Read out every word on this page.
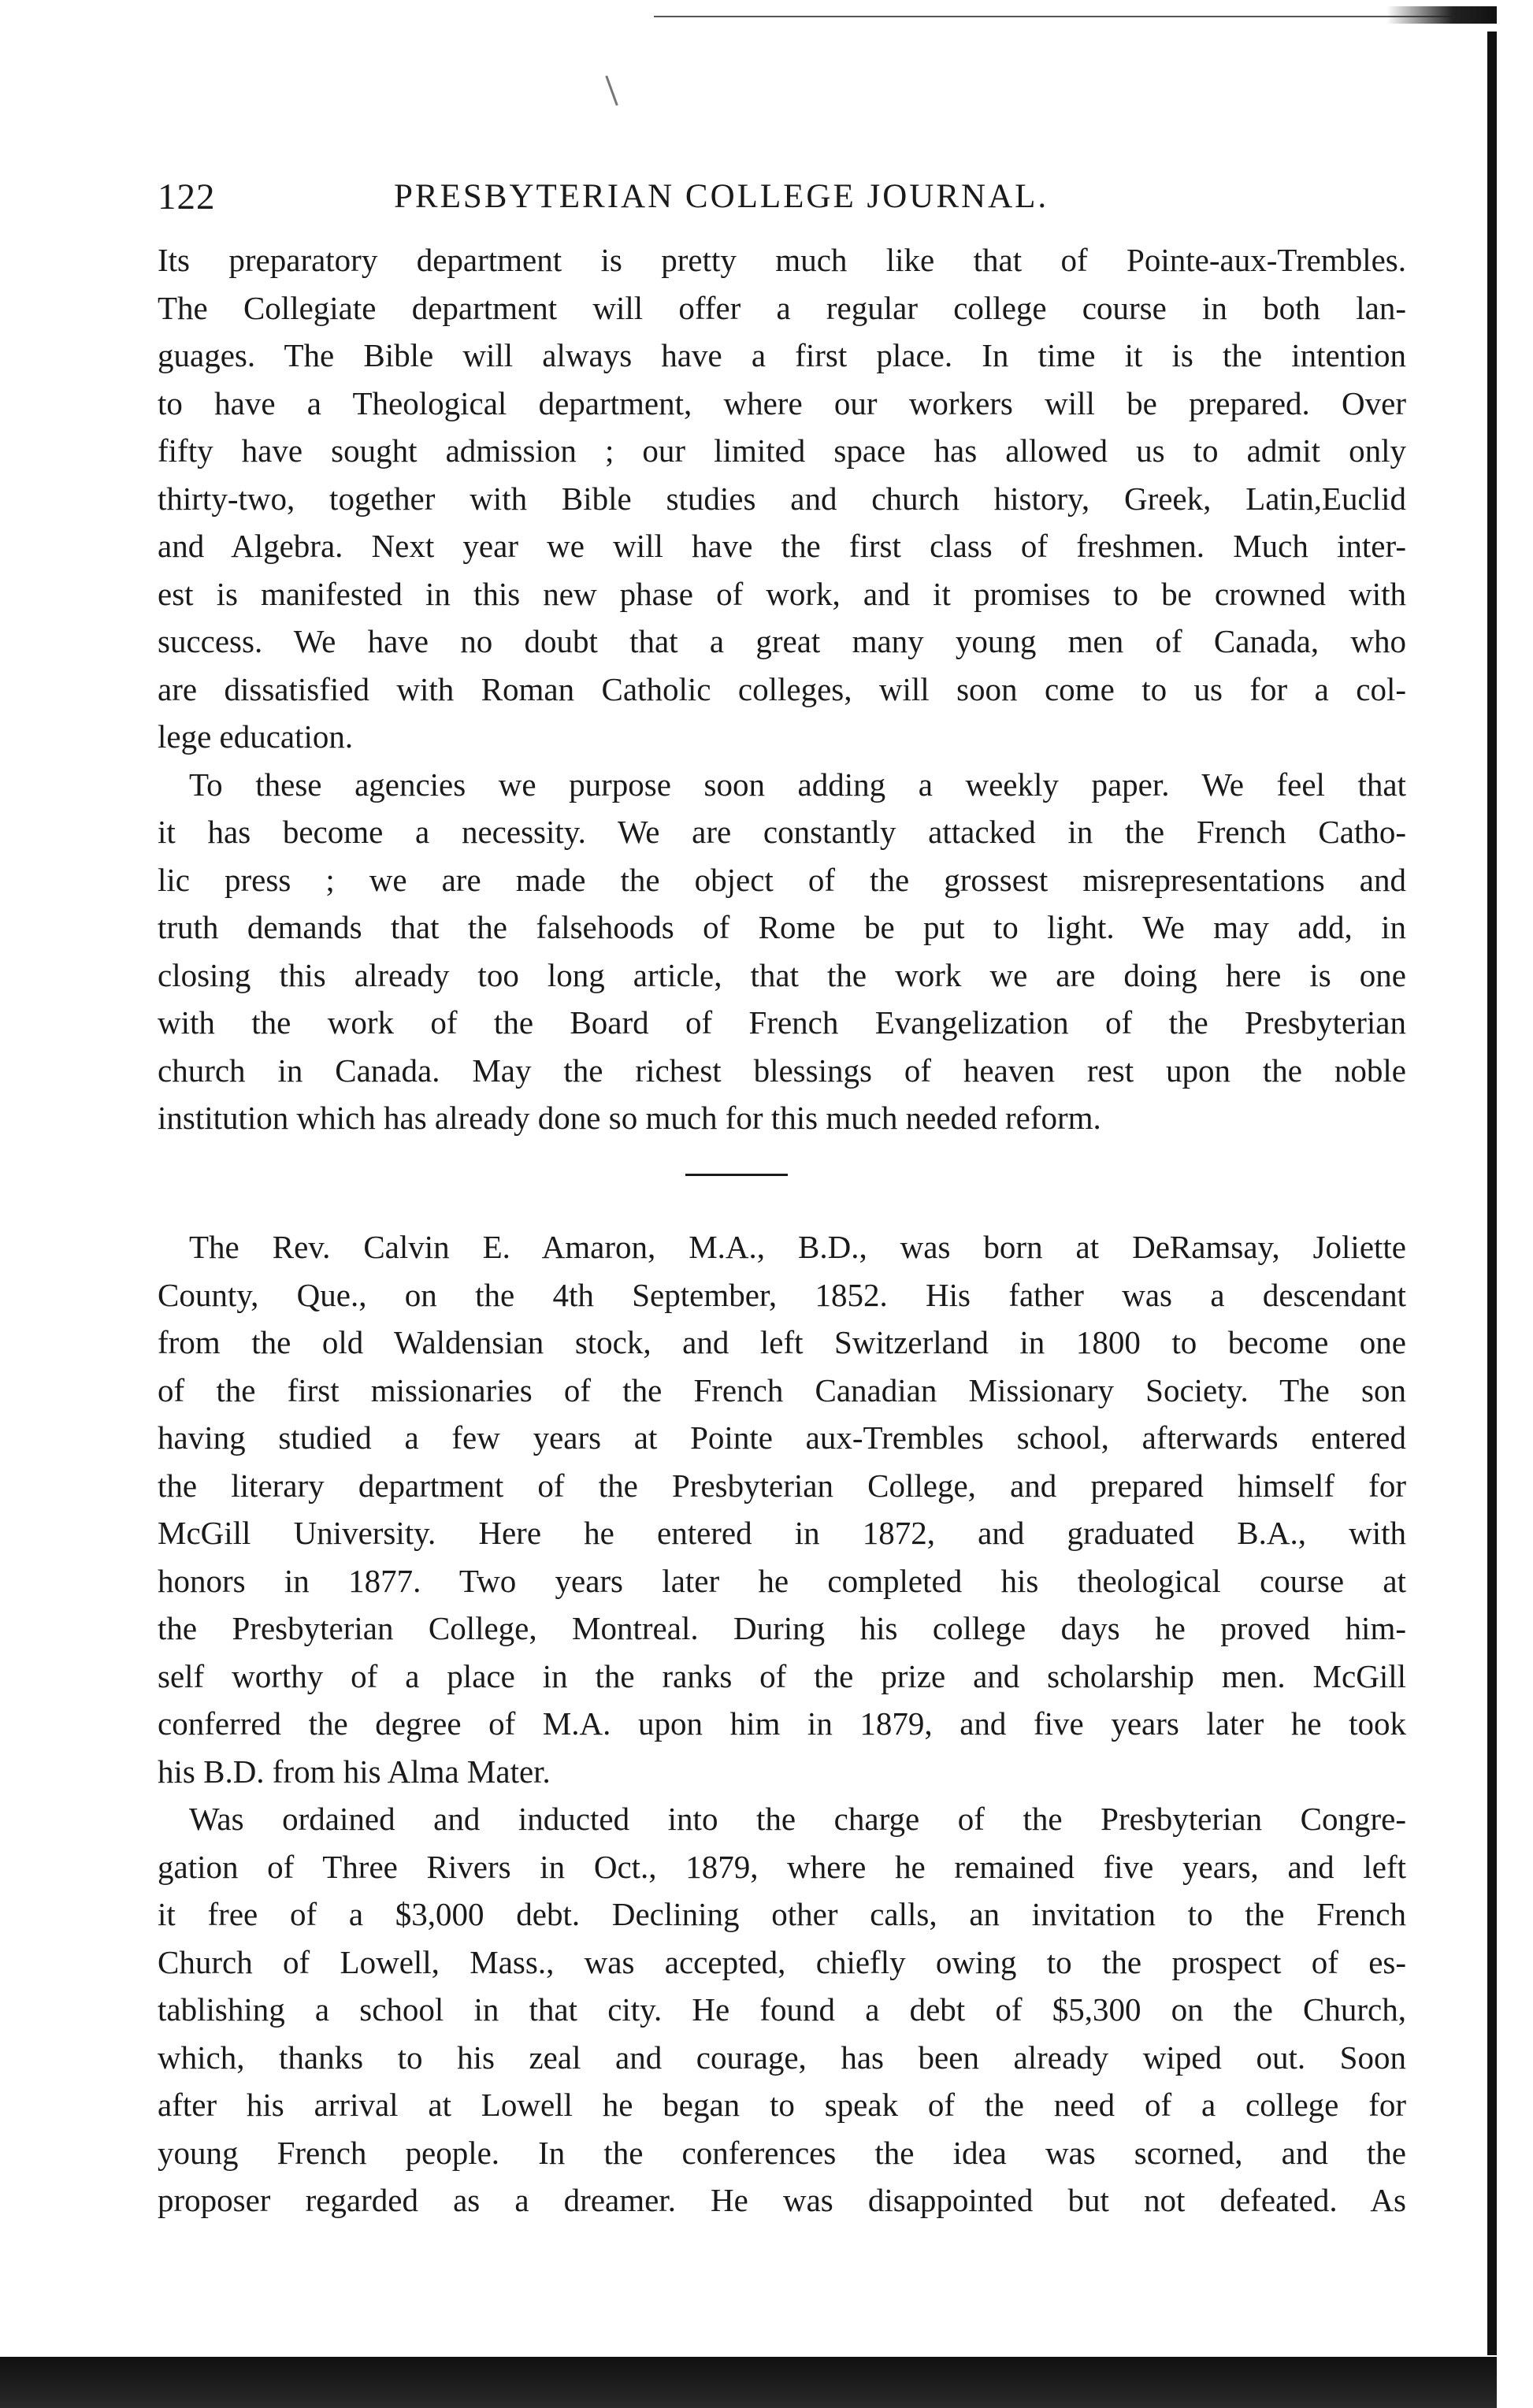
122	PRESBYTERIAN COLLEGE JOURNAL.

Its preparatory department is pretty much like that of Pointe-aux-Trembles.
The Collegiate department will offer a regular college course in both lan-
guages. The Bible will always have a first place. In time it is the intention
to have a Theological department, where our workers will be prepared. Over
fifty have sought admission ; our limited space has allowed us to admit only
thirty-two, together with Bible studies and church history, Greek, Latin,Euclid
and Algebra. Next year we will have the first class of freshmen. Much inter-
est is manifested in this new phase of work, and it promises to be crowned with
success. We have no doubt that a great many young men of Canada, who
are dissatisfied with Roman Catholic colleges, will soon come to us for a col-
lege education.

To these agencies we purpose soon adding a weekly paper. We feel that
it has become a necessity. We are constantly attacked in the French Catho-
lic press ; we are made the object of the grossest misrepresentations and
truth demands that the falsehoods of Rome be put to light. We may add, in
closing this already too long article, that the work we are doing here is one
with the work of the Board of French Evangelization of the Presbyterian
church in Canada. May the richest blessings of heaven rest upon the noble
institution which has already done so much for this much needed reform.

The Rev. Calvin E. Amaron, M.A., B.D., was born at DeRamsay, Joliette
County, Que., on the 4th September, 1852. His father was a descendant
from the old Waldensian stock, and left Switzerland in 1800 to become one
of the first missionaries of the French Canadian Missionary Society. The son
having studied a few years at Pointe aux-Trembles school, afterwards entered
the literary department of the Presbyterian College, and prepared himself for
McGill University. Here he entered in 1872, and graduated B.A., with
honors in 1877. Two years later he completed his theological course at
the Presbyterian College, Montreal. During his college days he proved him-
self worthy of a place in the ranks of the prize and scholarship men. McGill
conferred the degree of M.A. upon him in 1879, and five years later he took
his B.D. from his Alma Mater.

Was ordained and inducted into the charge of the Presbyterian Congre-
gation of Three Rivers in Oct., 1879, where he remained five years, and left
it free of a $3,000 debt. Declining other calls, an invitation to the French
Church of Lowell, Mass., was accepted, chiefly owing to the prospect of es-
tablishing a school in that city. He found a debt of $5,300 on the Church,
which, thanks to his zeal and courage, has been already wiped out. Soon
after his arrival at Lowell he began to speak of the need of a college for
young French people. In the conferences the idea was scorned, and the
proposer regarded as a dreamer. He was disappointed but not defeated. As
